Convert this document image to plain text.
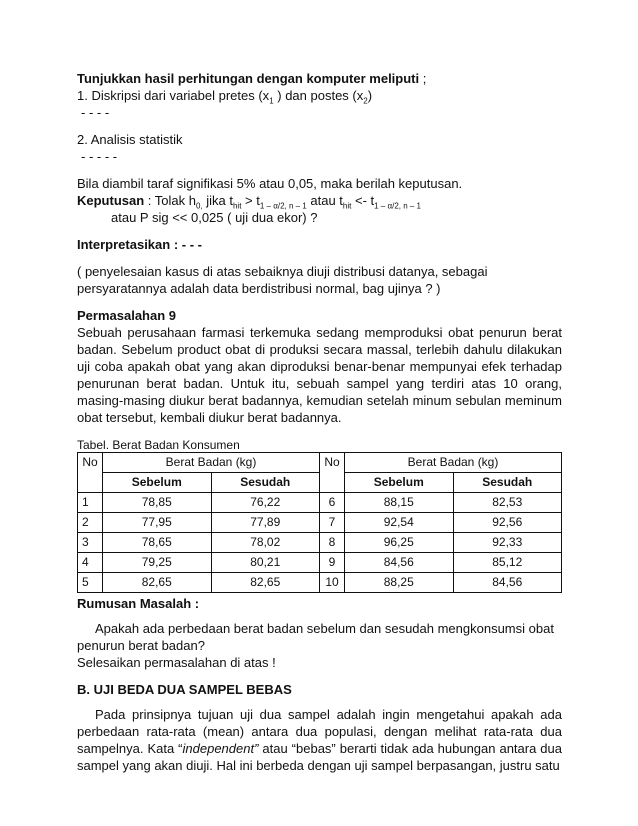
Tunjukkan hasil perhitungan dengan komputer meliputi ;

1. Diskripsi dari variabel pretes ($x_1$ ) dan postes $(x_2)$

- - - -

2. Analisis statistik

- - - - -

Bila diambil taraf signifikasi 5% atau 0,05, maka berilah keputusan.

Keputusan : Tolak $h_{0,}$ jika $t_{hit} > t_{1 - \alpha/2, n - 1}$ atau $t_{hit} <- t_{1 - \alpha/2, n - 1}$

atau P sig << 0,025 ( uji dua ekor) ?

Interpretasikan : - - -

( penyelesaian kasus di atas sebaiknya diuji distribusi datanya, sebagai persyaratannya adalah data berdistribusi normal, bag ujinya ? )

Permasalahan 9

Sebuah perusahaan farmasi terkemuka sedang memproduksi obat penurun berat badan. Sebelum product obat di produksi secara massal, terlebih dahulu dilakukan uji coba apakah obat yang akan diproduksi benar-benar mempunyai efek terhadap penurunan berat badan. Untuk itu, sebuah sampel yang terdiri atas 10 orang, masing-masing diukur berat badannya, kemudian setelah minum sebulan meminum obat tersebut, kembali diukur berat badannya.

Tabel. Berat Badan Konsumen

No	Berat Badan (kg)		No	Berat Badan (kg)	
	Sebelum	Sesudah		Sebelum	Sesudah
1	78,85	76,22	6	88,15	82,53
2	77,95	77,89	7	92,54	92,56
3	78,65	78,02	8	96,25	92,33
4	79,25	80,21	9	84,56	85,12
5	82,65	82,65	10	88,25	84,56

Rumusan Masalah :

Apakah ada perbedaan berat badan sebelum dan sesudah mengkonsumsi obat penurun berat badan?

Selesaikan permasalahan di atas !

B. UJI BEDA DUA SAMPEL BEBAS

Pada prinsipnya tujuan uji dua sampel adalah ingin mengetahui apakah ada perbedaan rata-rata (mean) antara dua populasi, dengan melihat rata-rata dua sampelnya. Kata “independent” atau “bebas” berarti tidak ada hubungan antara dua sampel yang akan diuji. Hal ini berbeda dengan uji sampel berpasangan, justru satu
